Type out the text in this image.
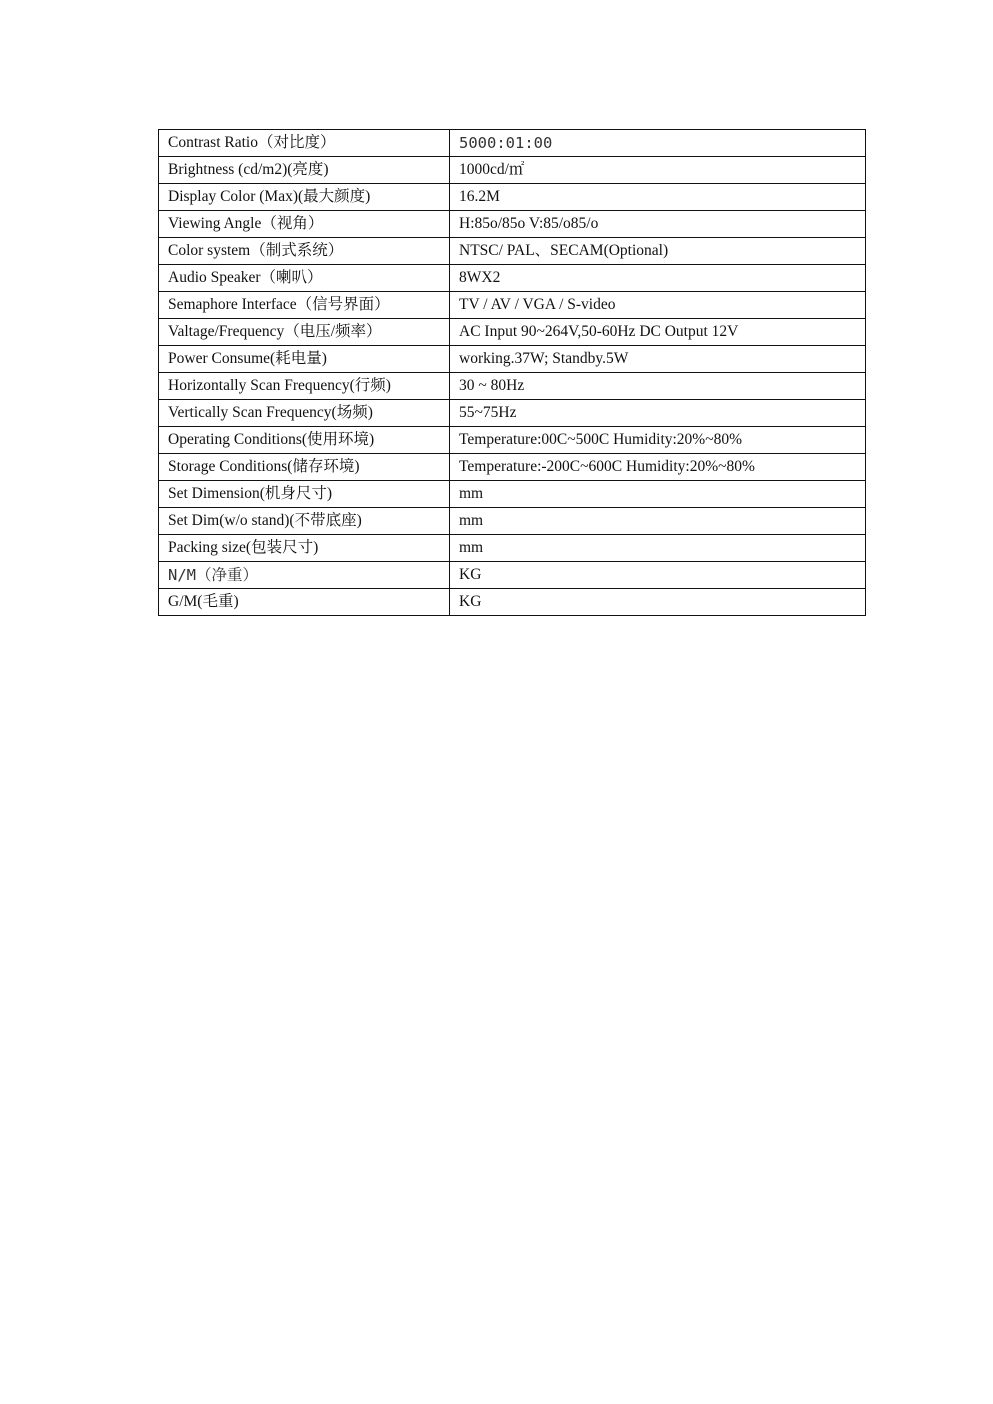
Contrast Ratio（对比度）	5000:01:00
Brightness (cd/m2)(亮度)	1000cd/㎡
Display Color (Max)(最大颜度)	16.2M
Viewing Angle（视角）	H:85o/85o V:85/o85/o
Color system（制式系统）	NTSC/ PAL、SECAM(Optional)
Audio Speaker（喇叭）	8WX2
Semaphore Interface（信号界面）	TV / AV / VGA / S-video
Valtage/Frequency（电压/频率）	AC Input 90~264V,50-60Hz DC Output 12V
Power Consume(耗电量)	working.37W; Standby.5W
Horizontally Scan Frequency(行频)	30 ~ 80Hz
Vertically Scan Frequency(场频)	55~75Hz
Operating Conditions(使用环境)	Temperature:00C~500C Humidity:20%~80%
Storage Conditions(储存环境)	Temperature:-200C~600C Humidity:20%~80%
Set Dimension(机身尺寸)	mm
Set Dim(w/o stand)(不带底座)	mm
Packing size(包装尺寸)	mm
N/M（净重）	KG
G/M(毛重)	KG
